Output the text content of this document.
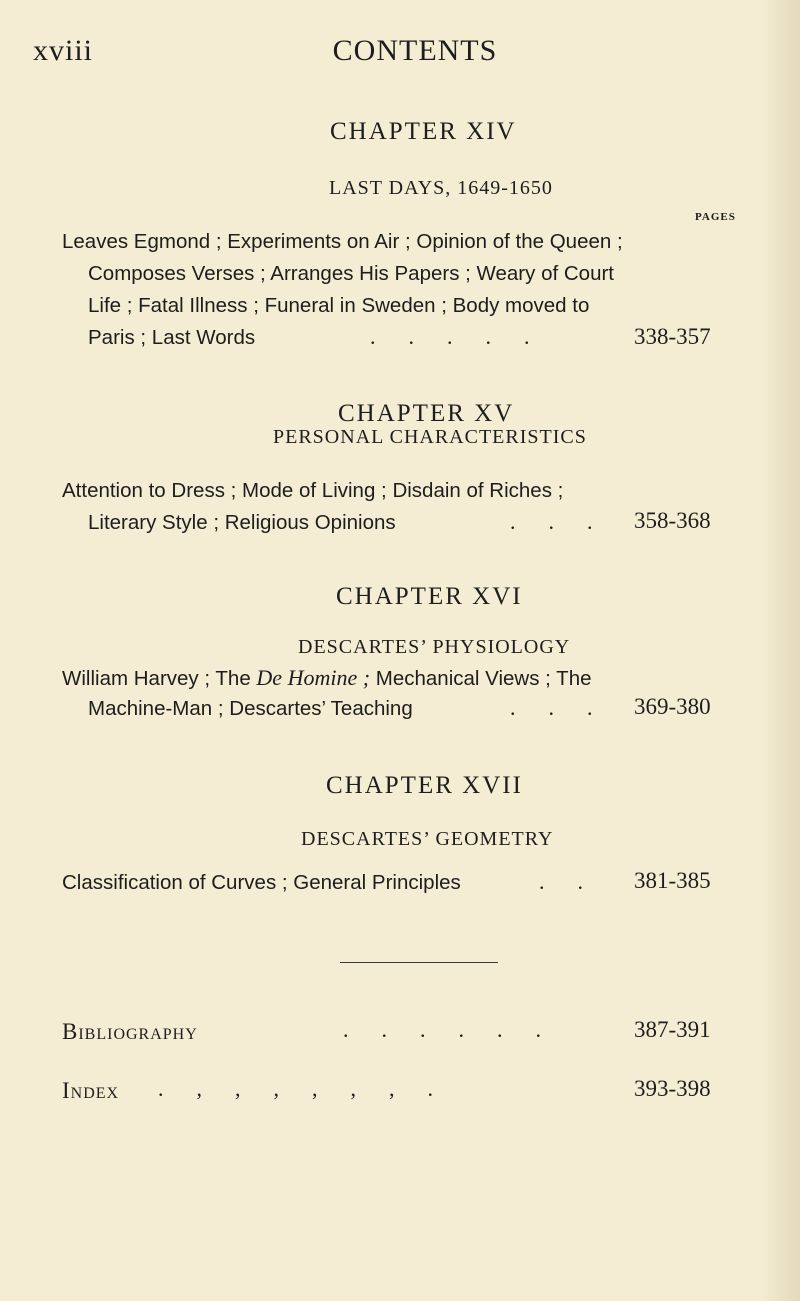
xviii	CONTENTS
CHAPTER XIV
LAST DAYS, 1649-1650
PAGES
Leaves Egmond ; Experiments on Air ; Opinion of the Queen ;
Composes Verses ; Arranges His Papers ; Weary of Court
Life ; Fatal Illness ; Funeral in Sweden ; Body moved to
Paris ; Last Words	.      .      .      .      .	338-357
CHAPTER XV
PERSONAL CHARACTERISTICS
Attention to Dress ; Mode of Living ; Disdain of Riches ;
Literary Style ; Religious Opinions	.      .      . 358-368
CHAPTER XVI
DESCARTES’ PHYSIOLOGY
William Harvey ; The De Homine ; Mechanical Views ; The
Machine-Man ; Descartes’ Teaching	.      .      . 369-380
CHAPTER XVII
DESCARTES’ GEOMETRY
Classification of Curves ; General Principles	.      . 381-385
Bibliography	.      .      .      .      .      .	387-391
Index .      ,      ,      ,      ,      ,      ,      .	393-398
